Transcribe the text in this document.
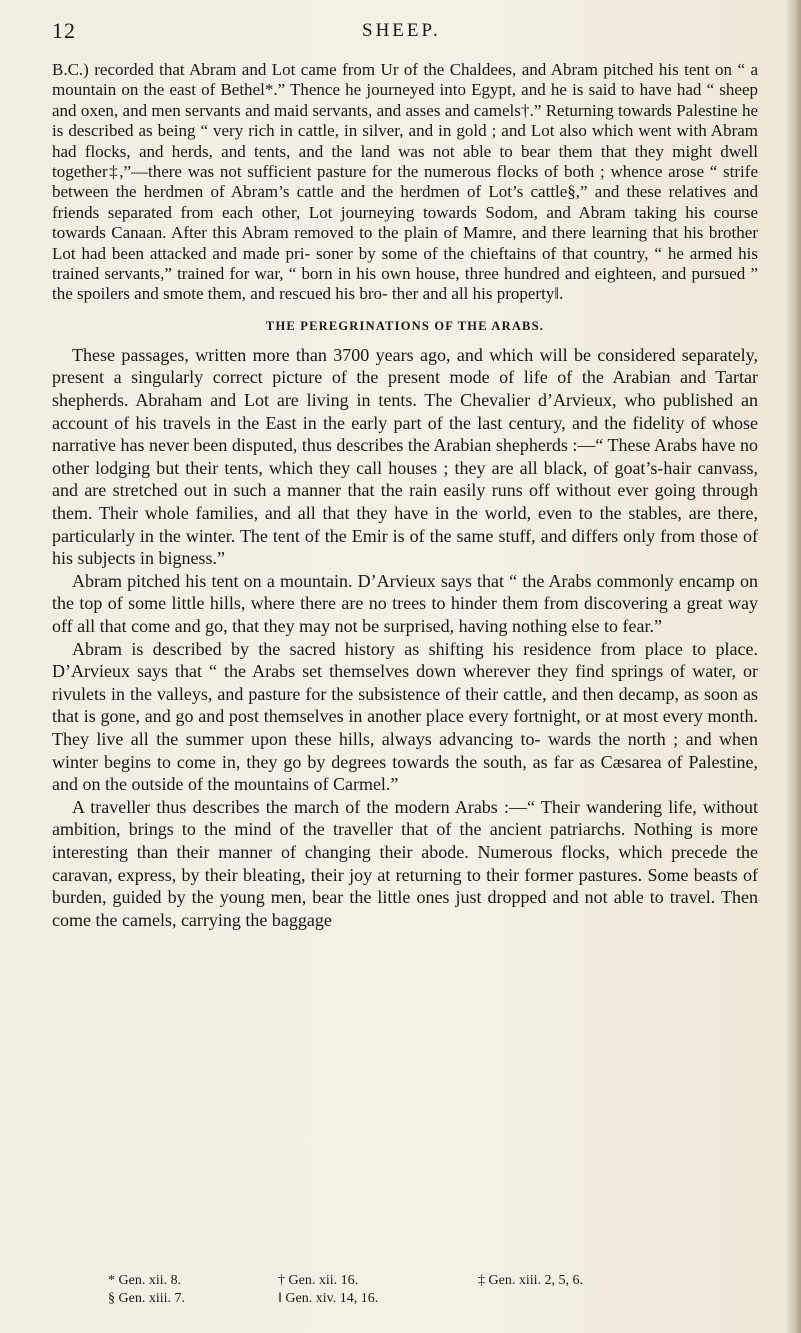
12	SHEEP.

B.C.) recorded that Abram and Lot came from Ur of the Chaldees, and Abram pitched his tent on “ a mountain on the east of Bethel*.” Thence he journeyed into Egypt, and he is said to have had “ sheep and oxen, and men servants and maid servants, and asses and camels†.” Returning towards Palestine he is described as being “ very rich in cattle, in silver, and in gold ; and Lot also which went with Abram had flocks, and herds, and tents, and the land was not able to bear them that they might dwell together‡,”—there was not sufficient pasture for the numerous flocks of both ; whence arose “ strife between the herdmen of Abram’s cattle and the herdmen of Lot’s cattle§,” and these relatives and friends separated from each other, Lot journeying towards Sodom, and Abram taking his course towards Canaan. After this Abram removed to the plain of Mamre, and there learning that his brother Lot had been attacked and made pri- soner by some of the chieftains of that country, “ he armed his trained servants,” trained for war, “ born in his own house, three hundred and eighteen, and pursued ” the spoilers and smote them, and rescued his bro- ther and all his property‖.

THE PEREGRINATIONS OF THE ARABS.

These passages, written more than 3700 years ago, and which will be considered separately, present a singularly correct picture of the present mode of life of the Arabian and Tartar shepherds. Abraham and Lot are living in tents. The Chevalier d’Arvieux, who published an account of his travels in the East in the early part of the last century, and the fidelity of whose narrative has never been disputed, thus describes the Arabian shepherds :—“ These Arabs have no other lodging but their tents, which they call houses ; they are all black, of goat’s-hair canvass, and are stretched out in such a manner that the rain easily runs off without ever going through them. Their whole families, and all that they have in the world, even to the stables, are there, particularly in the winter. The tent of the Emir is of the same stuff, and differs only from those of his subjects in bigness.”

Abram pitched his tent on a mountain. D’Arvieux says that “ the Arabs commonly encamp on the top of some little hills, where there are no trees to hinder them from discovering a great way off all that come and go, that they may not be surprised, having nothing else to fear.”

Abram is described by the sacred history as shifting his residence from place to place. D’Arvieux says that “ the Arabs set themselves down wherever they find springs of water, or rivulets in the valleys, and pasture for the subsistence of their cattle, and then decamp, as soon as that is gone, and go and post themselves in another place every fortnight, or at most every month. They live all the summer upon these hills, always advancing to- wards the north ; and when winter begins to come in, they go by degrees towards the south, as far as Cæsarea of Palestine, and on the outside of the mountains of Carmel.”

A traveller thus describes the march of the modern Arabs :—“ Their wandering life, without ambition, brings to the mind of the traveller that of the ancient patriarchs. Nothing is more interesting than their manner of changing their abode. Numerous flocks, which precede the caravan, express, by their bleating, their joy at returning to their former pastures. Some beasts of burden, guided by the young men, bear the little ones just dropped and not able to travel. Then come the camels, carrying the baggage

* Gen. xii. 8.	† Gen. xii. 16.	‡ Gen. xiii. 2, 5, 6.
§ Gen. xiii. 7.	‖ Gen. xiv. 14, 16.
